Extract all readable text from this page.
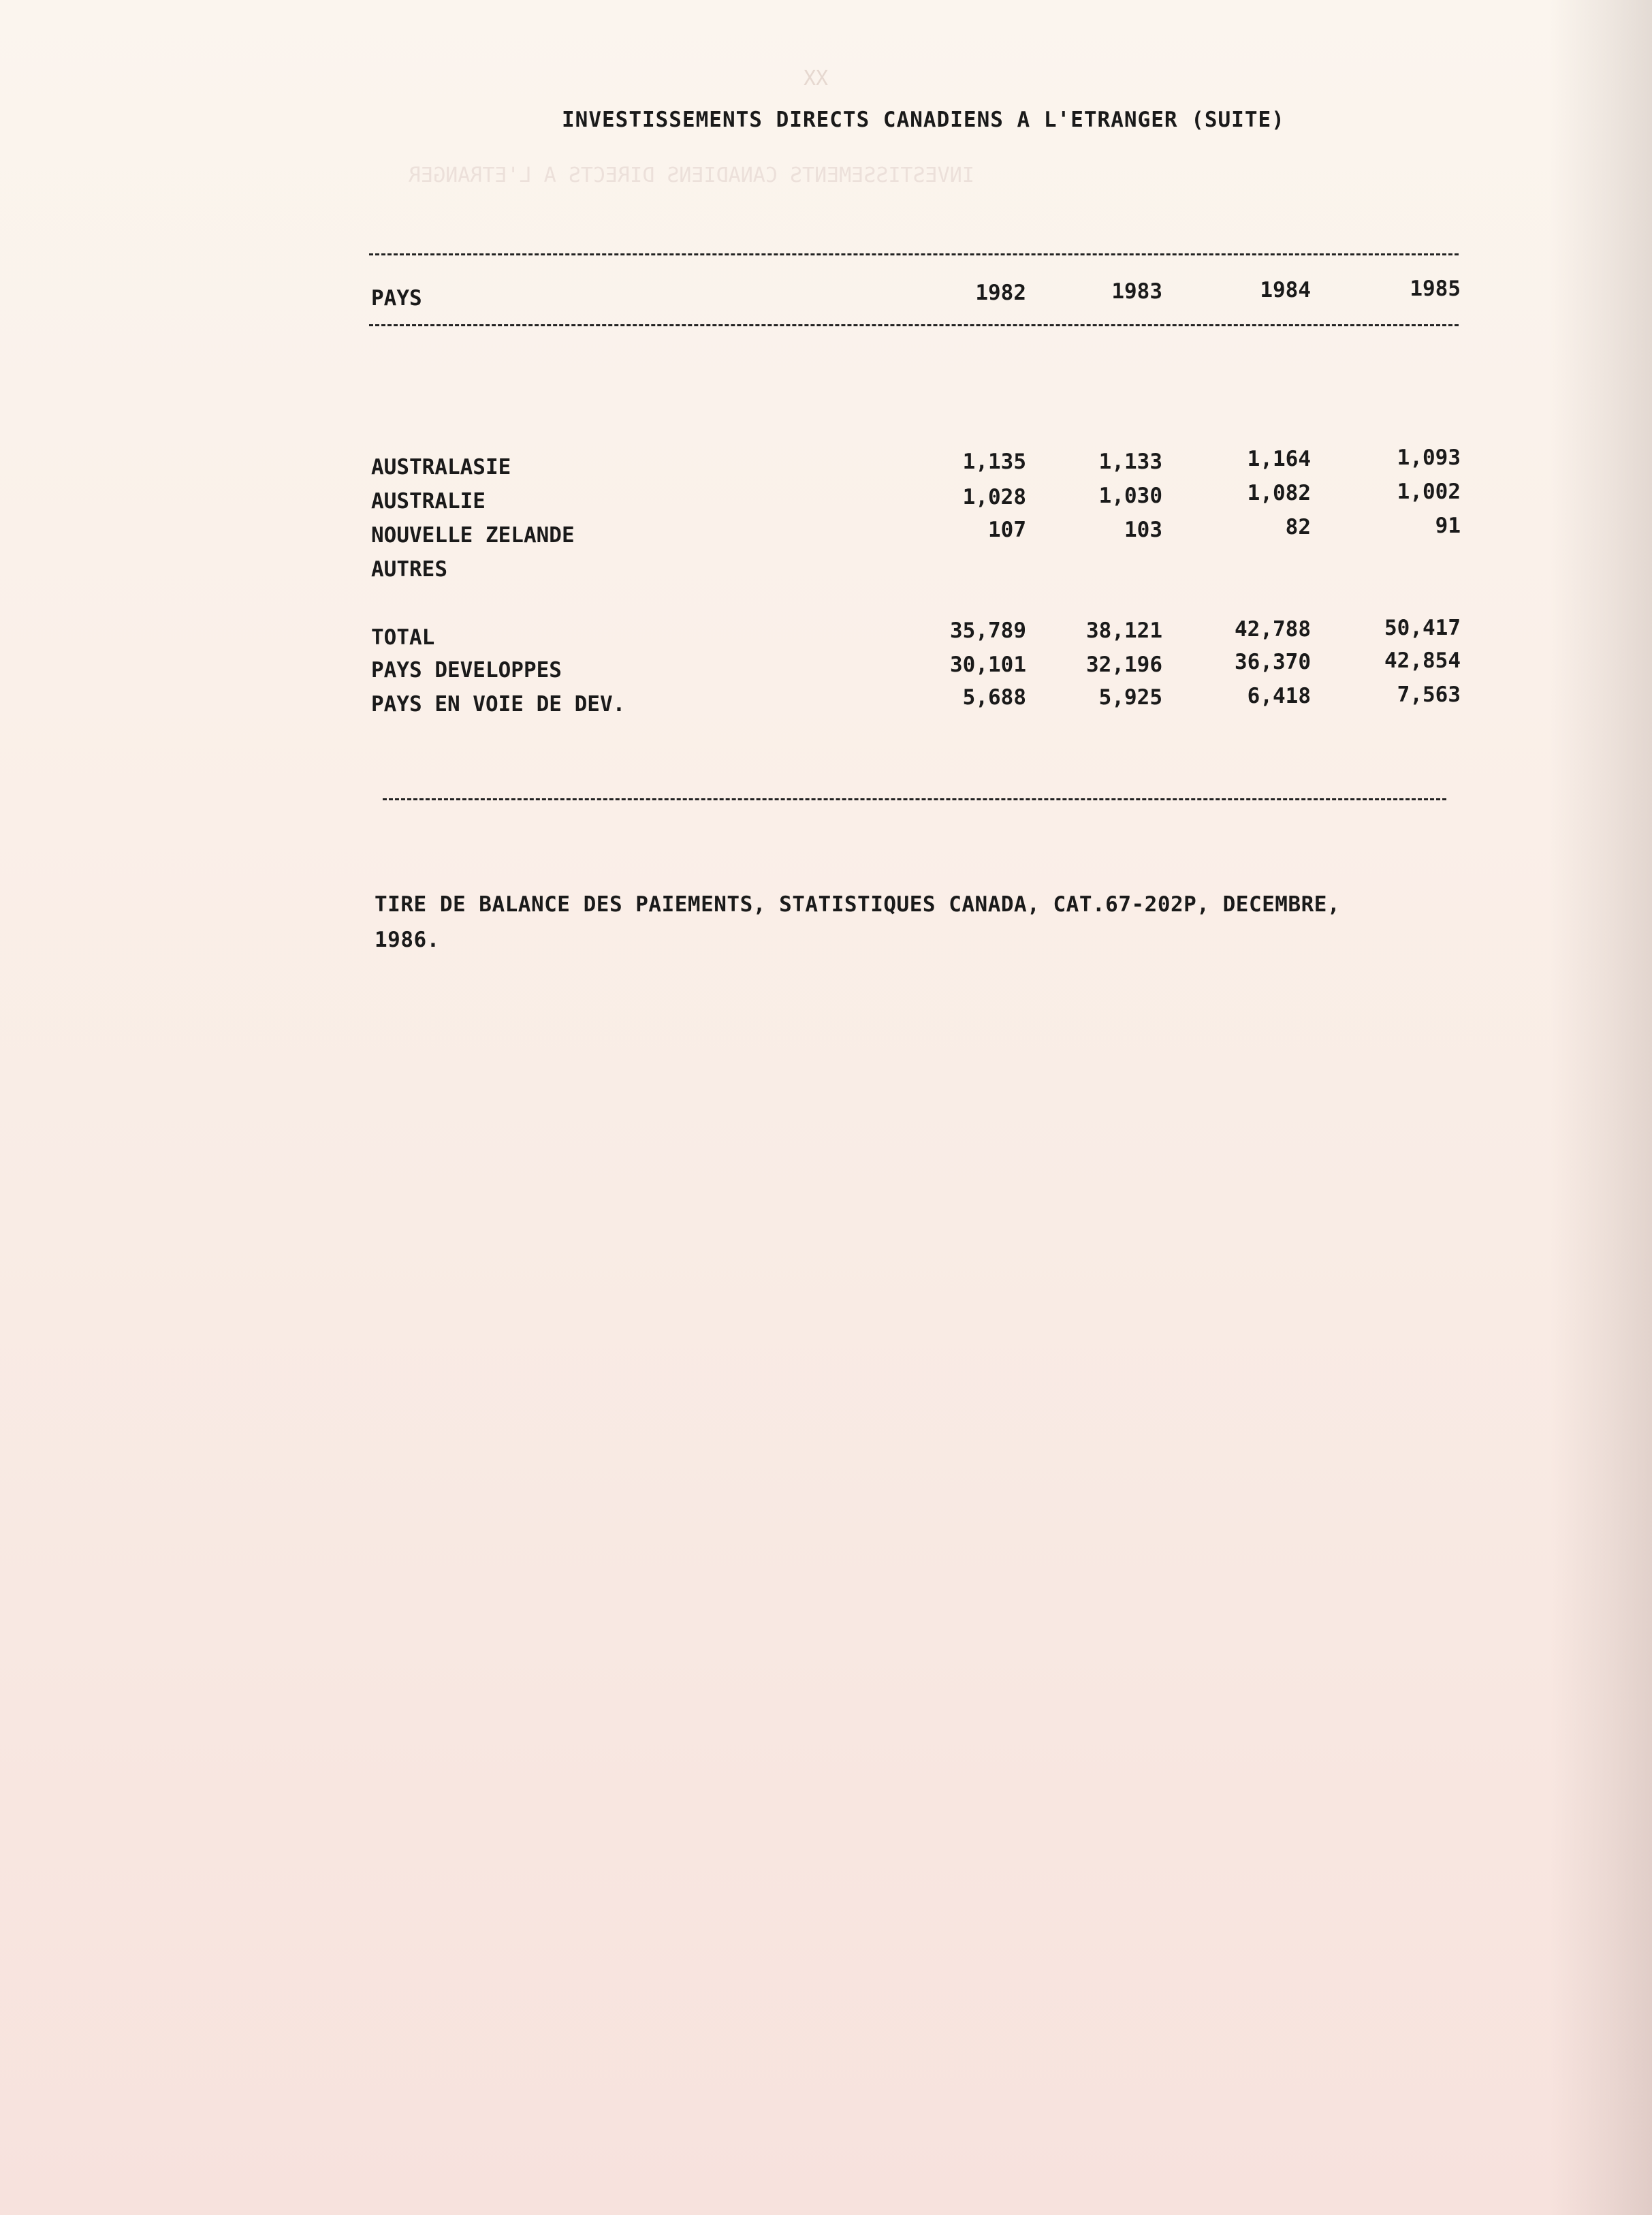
INVESTISSEMENTS CANADIENS DIRECTS A L'ETRANGER
XX
INVESTISSEMENTS DIRECTS CANADIENS A L'ETRANGER (SUITE)
PAYS	1982	1983	1984	1985
AUSTRALASIE	1,135	1,133	1,164	1,093
AUSTRALIE	1,028	1,030	1,082	1,002
NOUVELLE ZELANDE	107	103	82	91
AUTRES
TOTAL	35,789	38,121	42,788	50,417
PAYS DEVELOPPES	30,101	32,196	36,370	42,854
PAYS EN VOIE DE DEV.	5,688	5,925	6,418	7,563
TIRE DE BALANCE DES PAIEMENTS, STATISTIQUES CANADA, CAT.67-202P, DECEMBRE,
1986.
